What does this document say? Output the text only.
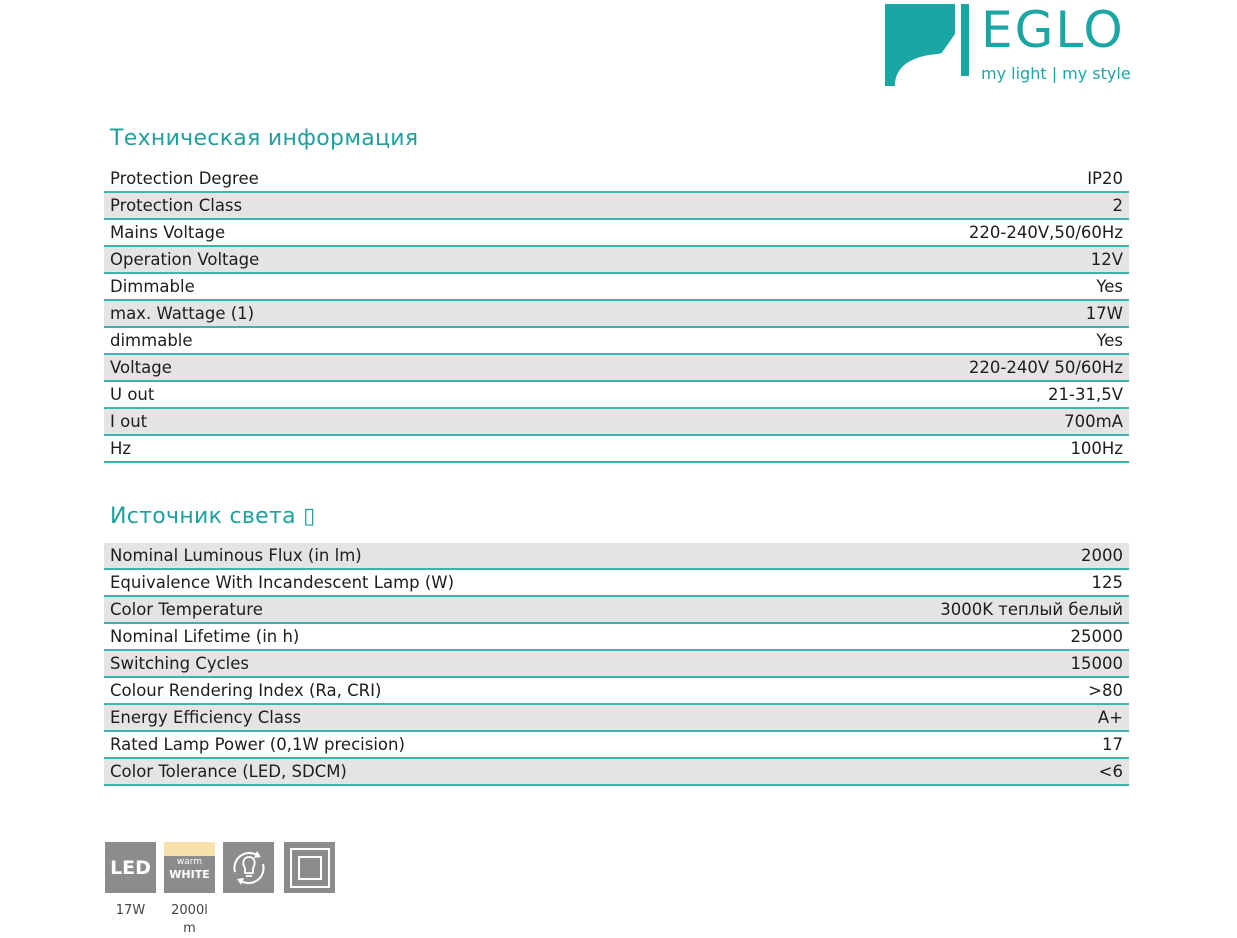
EGLO
my light | my style
Техническая информация
Protection Degree	IP20
Protection Class	2
Mains Voltage	220-240V,50/60Hz
Operation Voltage	12V
Dimmable	Yes
max. Wattage (1)	17W
dimmable	Yes
Voltage	220-240V 50/60Hz
U out	21-31,5V
I out	700mA
Hz	100Hz
Источник света ▯
Nominal Luminous Flux (in lm)	2000
Equivalence With Incandescent Lamp (W)	125
Color Temperature	3000K теплый белый
Nominal Lifetime (in h)	25000
Switching Cycles	15000
Colour Rendering Index (Ra, CRI)	>80
Energy Efficiency Class	A+
Rated Lamp Power (0,1W precision)	17
Color Tolerance (LED, SDCM)	<6
LED
17W
warm
WHITE
2000l
m
